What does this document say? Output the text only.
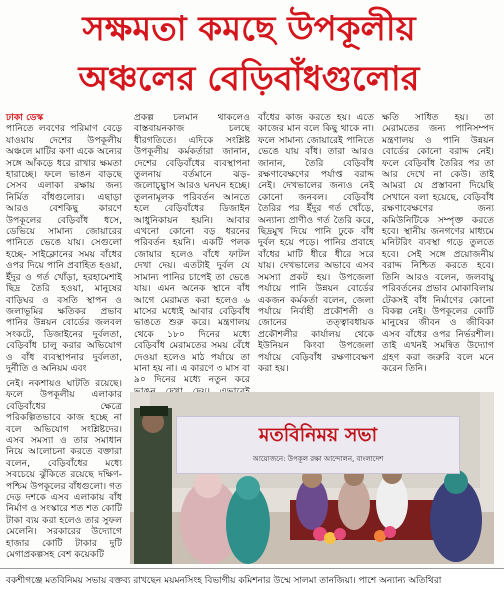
সক্ষমতা কমছে উপকূলীয়
অঞ্চলের বেড়িবাঁধগুলোর
ঢাকা ডেস্ক
পানিতে লবণের পরিমাণ বেড়ে যাওয়ায় দেশের উপকূলীয় অঞ্চলে মাটির কণা একে অন্যের সঙ্গে আঁকড়ে ধরে রাখার ক্ষমতা হারাচ্ছে। ফলে ভাঙন বাড়ছে সেসব এলাকা রক্ষায় জন্য নির্মিত বাঁধগুলোর। এছাড়া আরও বেশকিছু কারণে উপকূলের বেড়িবাঁধ ধসে, ডেভিয়ে সামান্য জোয়ারের পানিতে ভেঙে যায়। সেগুলো হচ্ছে- সাইক্লোনের সময় বাঁধের ওপর দিয়ে পানি প্রবাহিত হওয়া, ইঁদুর ও গর্ত খোঁড়া, হরহামেশাই ছিদ্র তৈরি হওয়া, মানুষের বাড়িঘর ও বসতি স্থাপন ও জলাভূমির ক্ষতিকর প্রভাব পানির উন্নয়ন বোর্ডের জলবল সংকটে, ডিজাইনের দুর্বলতা, বেড়িবাঁধ চালু করার অভিযোগ ও বাঁধ ব্যবস্থাপনার দুর্বলতা, দুর্নীতি ও অনিয়ম এবং
প্রকল্প চলমান থাকলেও বাস্তবায়নকাজ চলছে ধীরগতিতে। এদিকে সংশ্লিষ্ট উপকূলীয় কর্মকর্তারা জানান, দেশের বেড়িবাঁধের ব্যবস্থাপনা তুলনায় বর্তমানে ঝড়-জলোচ্ছ্বাস আরও ঘনঘন হচ্ছে। তুলনামূলক পরিবর্তন আনতে হলে বেড়িবাঁধের ডিজাইন আধুনিকায়ন হয়নি। আবার এখনো কোনো বড় ধরনের পরিবর্তন হয়নি। একটি পলক জোয়ার হলেও বাঁধে ফাটল দেখা দেয়। এতটাই দুর্বল যে সামান্য পানির চাপেই তা ভেঙে যায়। এমন অনেক স্থানে বাঁধ আগে মেরামত করা হলেও ৬ মাসের মধ্যেই আবার বেড়িবাঁধ ভাঙতে শুরু করে। মন্ত্রণালয় থেকে ১৮০ দিনের মধ্যে বেড়িবাঁধ মেরামতের সময় বেঁধে দেওয়া হলেও মাঠ পর্যায়ে তা মানা হয় না। এ কারণে ৩ মাস বা ৯০ দিনের মধ্যে নতুন করে
বাঁধের কাজ করতে হয়। এতে কাজের মান বলে কিছু থাকে না। ফলে সামান্য জোয়ারেই পানিতে ভেঙে যায় বাঁধ। তারা আরও জানান, তৈরি বেড়িবাঁধ রক্ষণাবেক্ষণের পর্যাপ্ত বরাদ্দ নেই। দেখভালের জন্যও নেই কোনো জনবল। বেড়িবাঁধ তৈরির পর ইঁদুর গর্ত খোঁড়ে, অন্যান্য প্রাণীও গর্ত তৈরি করে, ছিদ্রমুখ দিয়ে পানি ঢুকে বাঁধ দুর্বল হয়ে পড়ে। পানির প্রবাহে বাঁধের মাটি ধীরে ধীরে সরে যায়। দেখভালের অভাবে এসব সমস্যা প্রকট হয়। উপজেলা পর্যায়ে পানি উন্নয়ন বোর্ডের একজন কর্মকর্তা বলেন, জেলা পর্যায়ে নির্বাহী প্রকৌশলী ও জোনের তত্ত্বাবধায়ক প্রকৌশলীর কার্যালয় থেকে ইউনিয়ন কিংবা উপজেলা পর্যায়ে বেড়িবাঁধ রক্ষণাবেক্ষণ করা হয়।
ক্ষতি সাধিত হয়। তা মেরামতের জন্য পানিসম্পদ মন্ত্রণালয় ও পানি উন্নয়ন বোর্ডের কোনো বরাদ্দ নেই। ফলে বেড়িবাঁধ তৈরির পর তা আর দেখে না কেউ। তাই আমরা যে প্রস্তাবনা দিয়েছি সেখানে বলা হয়েছে, বেড়িবাঁধ রক্ষণাবেক্ষণের জন্য কমিউনিটিকে সম্পৃক্ত করতে হবে। স্থানীয় জনগণের মাধ্যমে মনিটরিং ব্যবস্থা গড়ে তুলতে হবে। সেই সঙ্গে প্রয়োজনীয় বরাদ্দ নিশ্চিত করতে হবে। তিনি আরও বলেন, জলবায়ু পরিবর্তনের প্রভাব মোকাবিলায় টেকসই বাঁধ নির্মাণের কোনো বিকল্প নেই। উপকূলের কোটি মানুষের জীবন ও জীবিকা এসব বাঁধের ওপর নির্ভরশীল। তাই এখনই সমন্বিত উদ্যোগ গ্রহণ করা জরুরি বলে মনে করেন তিনি।
নেই। নকশায়ও ঘাটতি রয়েছে। ফলে উপকূলীয় এলাকার বেড়িবাঁধের ক্ষেত্রে পরিকল্পিতভাবে কাজ হচ্ছে না বলে অভিযোগ সংশ্লিষ্টদের। এসব সমস্যা ও তার সমাধান নিয়ে আলোচনা করতে বক্তারা বলেন, বেড়িবাঁধের মধ্যে সবচেয়ে ঝুঁকিতে রয়েছে দক্ষিণ-পশ্চিম উপকূলের বাঁধগুলো। গত দেড় দশকে এসব এলাকায় বাঁধ নির্মাণ ও সংস্কারে শত শত কোটি টাকা ব্যয় করা হলেও তার সুফল মেলেনি। সরকারের উদ্যোগে হাজার কোটি টাকার দুটি মেগাপ্রকল্পসহ বেশ কয়েকটি
মতবিনিময় সভা
আয়োজনে: উপকূল রক্ষা আন্দোলন, বাংলাদেশ
বকশীগঞ্জে মতবিনিময় সভায় বক্তব্য রাখছেন ময়মনসিংহ বিভাগীয় কমিশনার উম্মে সালমা তানজিয়া। পাশে অন্যান্য অতিথিরা
